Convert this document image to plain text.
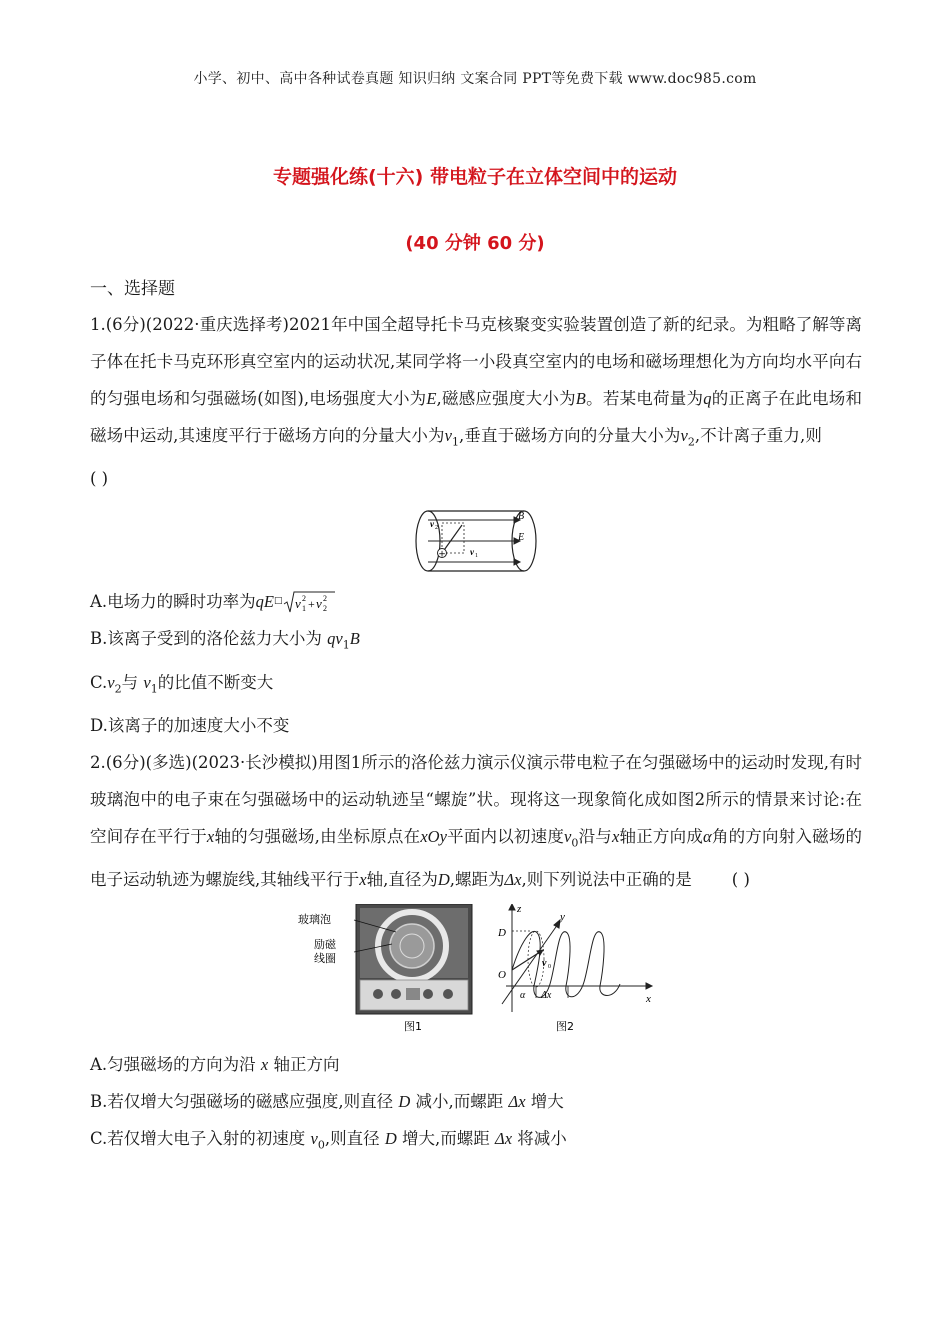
小学、初中、高中各种试卷真题 知识归纳 文案合同 PPT等免费下载 www.doc985.com
专题强化练(十六) 带电粒子在立体空间中的运动
(40 分钟 60 分)
一、选择题
1.(6分)(2022·重庆选择考)2021年中国全超导托卡马克核聚变实验装置创造了新的纪录。为粗略了解等离子体在托卡马克环形真空室内的运动状况,某同学将一小段真空室内的电场和磁场理想化为方向均水平向右的匀强电场和匀强磁场(如图),电场强度大小为E,磁感应强度大小为B。若某电荷量为q的正离子在此电场和磁场中运动,其速度平行于磁场方向的分量大小为$v_1$,垂直于磁场方向的分量大小为$v_2$,不计离子重力,则( )
+
v 2
v 1
B
E
A.电场力的瞬时功率为 qE □ v 1
2 + v 2
2
B.该离子受到的洛伦兹力大小为 $qv_1B$
$C.v_2$与 $v_1$的比值不断变大
D.该离子的加速度大小不变
2.(6分)(多选)(2023·长沙模拟)用图1所示的洛伦兹力演示仪演示带电粒子在匀强磁场中的运动时发现,有时玻璃泡中的电子束在匀强磁场中的运动轨迹呈“螺旋”状。现将这一现象简化成如图2所示的情景来讨论:在空间存在平行于x轴的匀强磁场,由坐标原点在xOy平面内以初速度$v_0$沿与x轴正方向成α角的方向射入磁场的电子运动轨迹为螺旋线,其轴线平行于x轴,直径为D,螺距为Δx,则下列说法中正确的是 ( )
玻璃泡
励磁
线圈
图1
z
y
x
O
D
α Δx
v 0
图2
A.匀强磁场的方向为沿 x 轴正方向
B.若仅增大匀强磁场的磁感应强度,则直径 D 减小,而螺距 Δx 增大
C.若仅增大电子入射的初速度 $v_0$,则直径 D 增大,而螺距 Δx 将减小
